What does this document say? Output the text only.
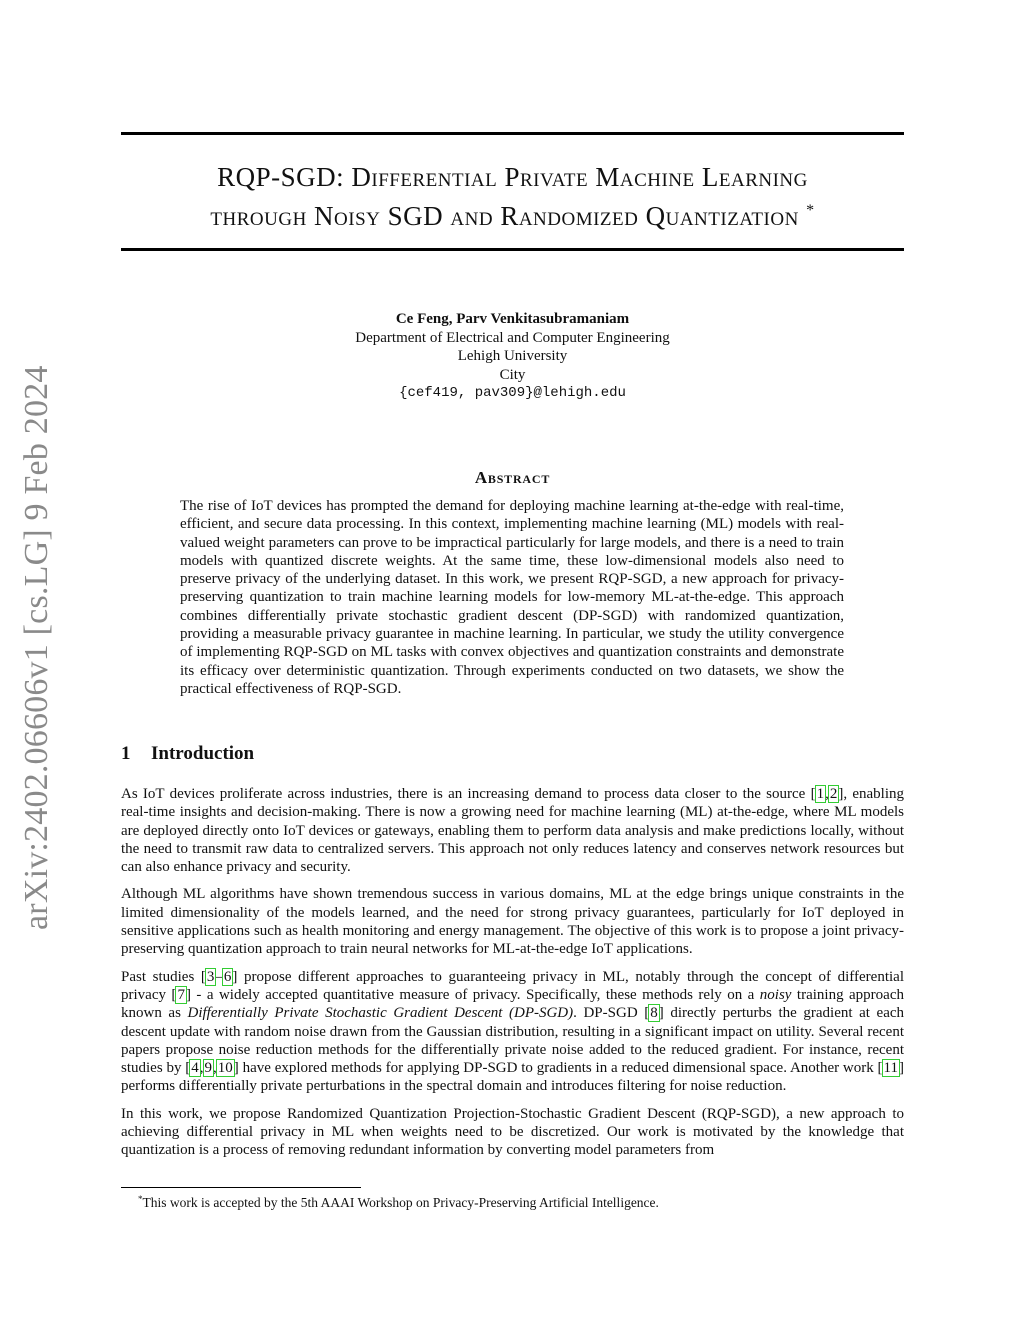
arXiv:2402.06606v1 [cs.LG] 9 Feb 2024
RQP-SGD: Differential Private Machine Learning
through Noisy SGD and Randomized Quantization *
Ce Feng, Parv Venkitasubramaniam
Department of Electrical and Computer Engineering
Lehigh University
City
{cef419, pav309}@lehigh.edu
Abstract

The rise of IoT devices has prompted the demand for deploying machine learning at-the-edge with real-time, efficient, and secure data processing. In this context, implementing machine learning (ML) models with real-valued weight parameters can prove to be impractical particularly for large models, and there is a need to train models with quantized discrete weights. At the same time, these low-dimensional models also need to preserve privacy of the underlying dataset. In this work, we present RQP-SGD, a new approach for privacy-preserving quantization to train machine learning models for low-memory ML-at-the-edge. This approach combines differentially private stochastic gradient descent (DP-SGD) with randomized quantization, providing a measurable privacy guarantee in machine learning. In particular, we study the utility convergence of implementing RQP-SGD on ML tasks with convex objectives and quantization constraints and demonstrate its efficacy over deterministic quantization. Through experiments conducted on two datasets, we show the practical effectiveness of RQP-SGD.

1 Introduction

As IoT devices proliferate across industries, there is an increasing demand to process data closer to the source [1,2], enabling real-time insights and decision-making. There is now a growing need for machine learning (ML) at-the-edge, where ML models are deployed directly onto IoT devices or gateways, enabling them to perform data analysis and make predictions locally, without the need to transmit raw data to centralized servers. This approach not only reduces latency and conserves network resources but can also enhance privacy and security.

Although ML algorithms have shown tremendous success in various domains, ML at the edge brings unique constraints in the limited dimensionality of the models learned, and the need for strong privacy guarantees, particularly for IoT deployed in sensitive applications such as health monitoring and energy management. The objective of this work is to propose a joint privacy-preserving quantization approach to train neural networks for ML-at-the-edge IoT applications.

Past studies [3–6] propose different approaches to guaranteeing privacy in ML, notably through the concept of differential privacy [7] - a widely accepted quantitative measure of privacy. Specifically, these methods rely on a noisy training approach known as Differentially Private Stochastic Gradient Descent (DP-SGD). DP-SGD [8] directly perturbs the gradient at each descent update with random noise drawn from the Gaussian distribution, resulting in a significant impact on utility. Several recent papers propose noise reduction methods for the differentially private noise added to the reduced gradient. For instance, recent studies by [4,9,10] have explored methods for applying DP-SGD to gradients in a reduced dimensional space. Another work [11] performs differentially private perturbations in the spectral domain and introduces filtering for noise reduction.

In this work, we propose Randomized Quantization Projection-Stochastic Gradient Descent (RQP-SGD), a new approach to achieving differential privacy in ML when weights need to be discretized. Our work is motivated by the knowledge that quantization is a process of removing redundant information by converting model parameters from

*This work is accepted by the 5th AAAI Workshop on Privacy-Preserving Artificial Intelligence.
